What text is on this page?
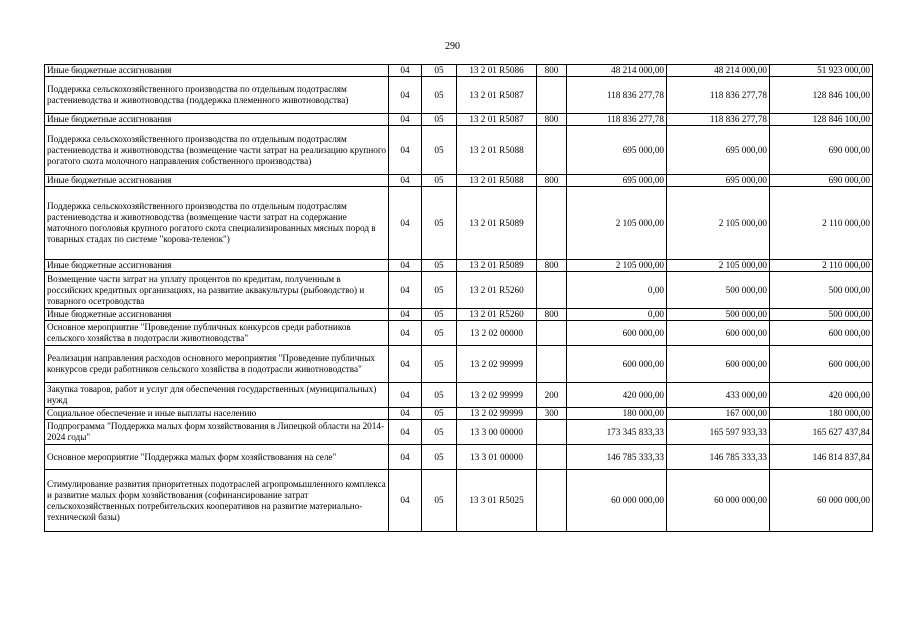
290
Иные бюджетные ассигнования	04	05	13 2 01 R5086	800	48 214 000,00	48 214 000,00	51 923 000,00
Поддержка сельскохозяйственного производства по отдельным подотраслям растениеводства и животноводства (поддержка племенного животноводства)	04	05	13 2 01 R5087		118 836 277,78	118 836 277,78	128 846 100,00
Иные бюджетные ассигнования	04	05	13 2 01 R5087	800	118 836 277,78	118 836 277,78	128 846 100,00
Поддержка сельскохозяйственного производства по отдельным подотраслям растениеводства и животноводства (возмещение части затрат на реализацию крупного рогатого скота молочного направления собственного производства)	04	05	13 2 01 R5088		695 000,00	695 000,00	690 000,00
Иные бюджетные ассигнования	04	05	13 2 01 R5088	800	695 000,00	695 000,00	690 000,00
Поддержка сельскохозяйственного производства по отдельным подотраслям растениеводства и животноводства (возмещение части затрат на содержание маточного поголовья крупного рогатого скота специализированных мясных пород в товарных стадах по системе "корова-теленок")	04	05	13 2 01 R5089		2 105 000,00	2 105 000,00	2 110 000,00
Иные бюджетные ассигнования	04	05	13 2 01 R5089	800	2 105 000,00	2 105 000,00	2 110 000,00
Возмещение части затрат на уплату процентов по кредитам, полученным в российских кредитных организациях, на развитие аквакультуры (рыбоводство) и товарного осетроводства	04	05	13 2 01 R5260		0,00	500 000,00	500 000,00
Иные бюджетные ассигнования	04	05	13 2 01 R5260	800	0,00	500 000,00	500 000,00
Основное мероприятие "Проведение публичных конкурсов среди работников сельского хозяйства в подотрасли животноводства"	04	05	13 2 02 00000		600 000,00	600 000,00	600 000,00
Реализация направления расходов основного мероприятия "Проведение публичных конкурсов среди работников сельского хозяйства в подотрасли животноводства"	04	05	13 2 02 99999		600 000,00	600 000,00	600 000,00
Закупка товаров, работ и услуг для обеспечения государственных (муниципальных) нужд	04	05	13 2 02 99999	200	420 000,00	433 000,00	420 000,00
Социальное обеспечение и иные выплаты населению	04	05	13 2 02 99999	300	180 000,00	167 000,00	180 000,00
Подпрограмма "Поддержка малых форм хозяйствования в Липецкой области на 2014-2024 годы"	04	05	13 3 00 00000		173 345 833,33	165 597 933,33	165 627 437,84
Основное мероприятие "Поддержка малых форм хозяйствования на селе"	04	05	13 3 01 00000		146 785 333,33	146 785 333,33	146 814 837,84
Стимулирование развития приоритетных подотраслей агропромышленного комплекса и развитие малых форм хозяйствования (софинансирование затрат сельскохозяйственных потребительских кооперативов на развитие материально-технической базы)	04	05	13 3 01 R5025		60 000 000,00	60 000 000,00	60 000 000,00
